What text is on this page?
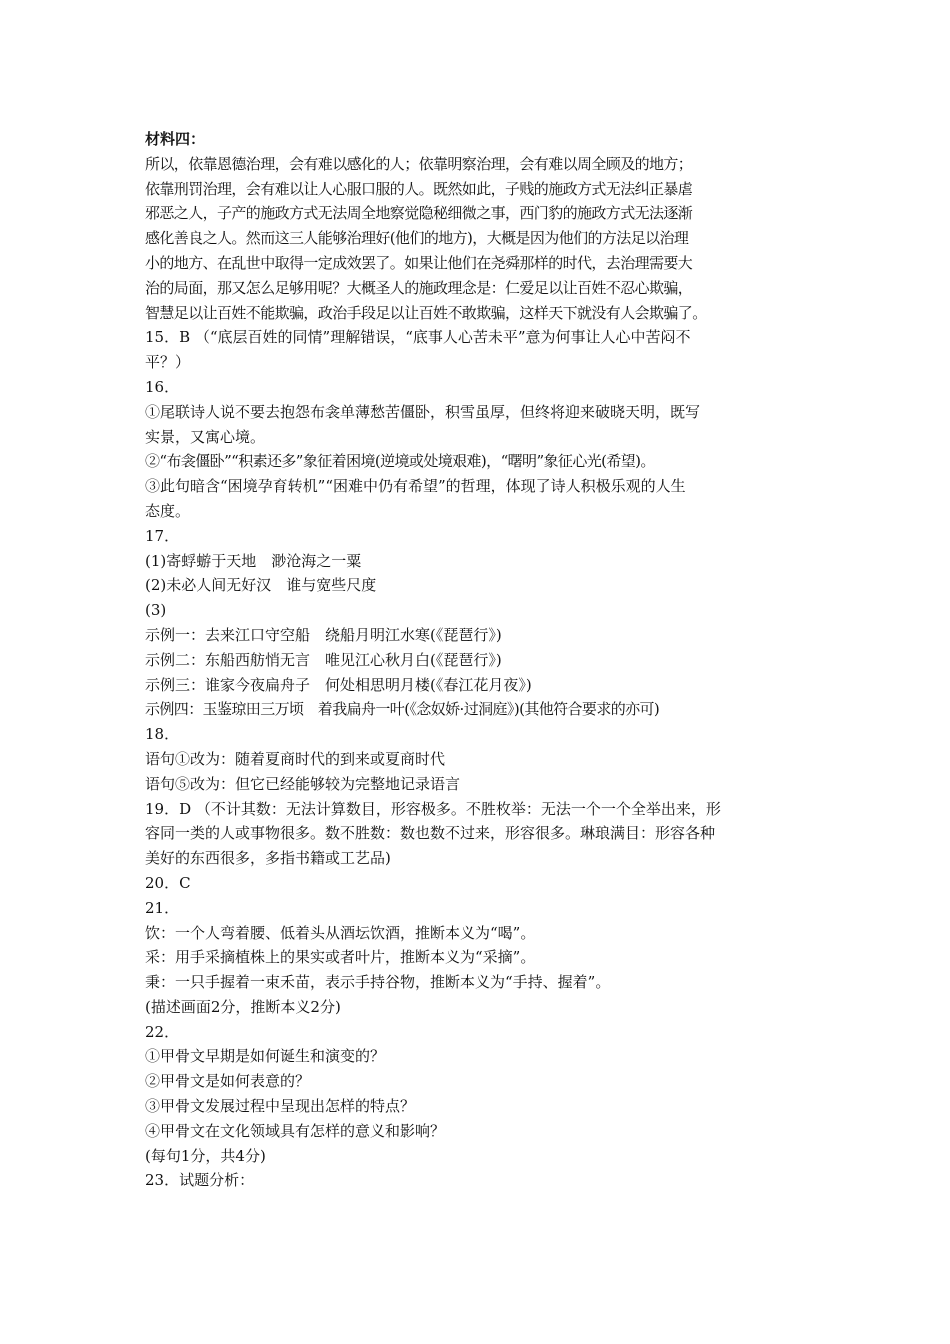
材料四：
所以，依靠恩德治理，会有难以感化的人；依靠明察治理，会有难以周全顾及的地方；
依靠刑罚治理，会有难以让人心服口服的人。既然如此，子贱的施政方式无法纠正暴虐
邪恶之人，子产的施政方式无法周全地察觉隐秘细微之事，西门豹的施政方式无法逐渐
感化善良之人。然而这三人能够治理好(他们的地方)，大概是因为他们的方法足以治理
小的地方、在乱世中取得一定成效罢了。如果让他们在尧舜那样的时代，去治理需要大
治的局面，那又怎么足够用呢？大概圣人的施政理念是：仁爱足以让百姓不忍心欺骗，
智慧足以让百姓不能欺骗，政治手段足以让百姓不敢欺骗，这样天下就没有人会欺骗了。
15．B （“底层百姓的同情”理解错误，“底事人心苦未平”意为何事让人心中苦闷不
平？）
16．
①尾联诗人说不要去抱怨布衾单薄愁苦僵卧，积雪虽厚，但终将迎来破晓天明，既写
实景，又寓心境。
②“布衾僵卧”“积素还多”象征着困境(逆境或处境艰难)，“曙明”象征心光(希望)。
③此句暗含“困境孕育转机”“困难中仍有希望”的哲理，体现了诗人积极乐观的人生
态度。
17．
(1)寄蜉蝣于天地　渺沧海之一粟
(2)未必人间无好汉　谁与宽些尺度
(3)
示例一：去来江口守空船　绕船月明江水寒(《琵琶行》)
示例二：东船西舫悄无言　唯见江心秋月白(《琵琶行》)
示例三：谁家今夜扁舟子　何处相思明月楼(《春江花月夜》)
示例四：玉鉴琼田三万顷　着我扁舟一叶(《念奴娇·过洞庭》)(其他符合要求的亦可)
18．
语句①改为：随着夏商时代的到来或夏商时代
语句⑤改为：但它已经能够较为完整地记录语言
19．D （不计其数：无法计算数目，形容极多。不胜枚举：无法一个一个全举出来，形
容同一类的人或事物很多。数不胜数：数也数不过来，形容很多。琳琅满目：形容各种
美好的东西很多，多指书籍或工艺品)
20．C
21．
饮：一个人弯着腰、低着头从酒坛饮酒，推断本义为“喝”。
采：用手采摘植株上的果实或者叶片，推断本义为“采摘”。
秉：一只手握着一束禾苗，表示手持谷物，推断本义为“手持、握着”。
(描述画面2分，推断本义2分)
22．
①甲骨文早期是如何诞生和演变的？
②甲骨文是如何表意的？
③甲骨文发展过程中呈现出怎样的特点？
④甲骨文在文化领域具有怎样的意义和影响？
(每句1分，共4分)
23．试题分析：
